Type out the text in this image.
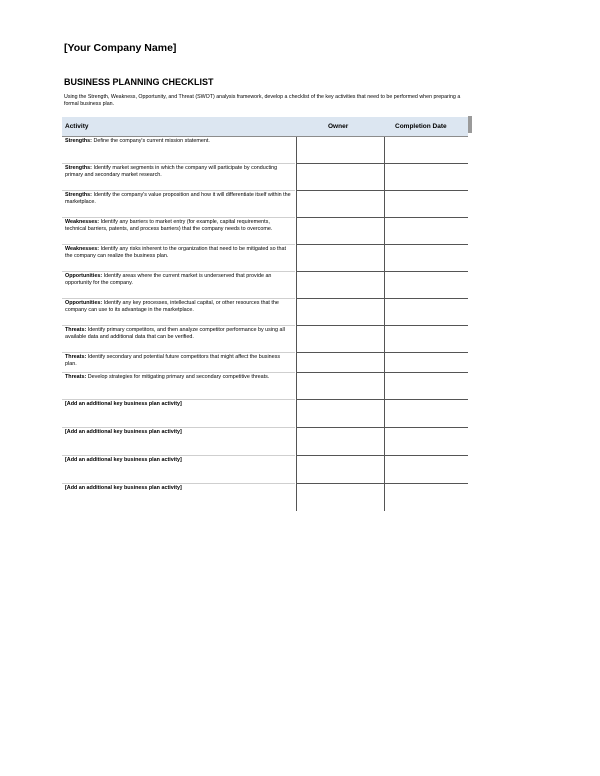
[Your Company Name]
BUSINESS PLANNING CHECKLIST
Using the Strength, Weakness, Opportunity, and Threat (SWOT) analysis framework, develop a checklist of the key activities that need to be performed when preparing a formal business plan.
Activity	Owner	Completion Date
Strengths: Define the company's current mission statement.
Strengths: Identify market segments in which the company will participate by conducting primary and secondary market research.
Strengths: Identify the company's value proposition and how it will differentiate itself within the marketplace.
Weaknesses: Identify any barriers to market entry (for example, capital requirements, technical barriers, patents, and process barriers) that the company needs to overcome.
Weaknesses: Identify any risks inherent to the organization that need to be mitigated so that the company can realize the business plan.
Opportunities: Identify areas where the current market is underserved that provide an opportunity for the company.
Opportunities: Identify any key processes, intellectual capital, or other resources that the company can use to its advantage in the marketplace.
Threats: Identify primary competitors, and then analyze competitor performance by using all available data and additional data that can be verified.
Threats: Identify secondary and potential future competitors that might affect the business plan.
Threats: Develop strategies for mitigating primary and secondary competitive threats.
[Add an additional key business plan activity]
[Add an additional key business plan activity]
[Add an additional key business plan activity]
[Add an additional key business plan activity]
